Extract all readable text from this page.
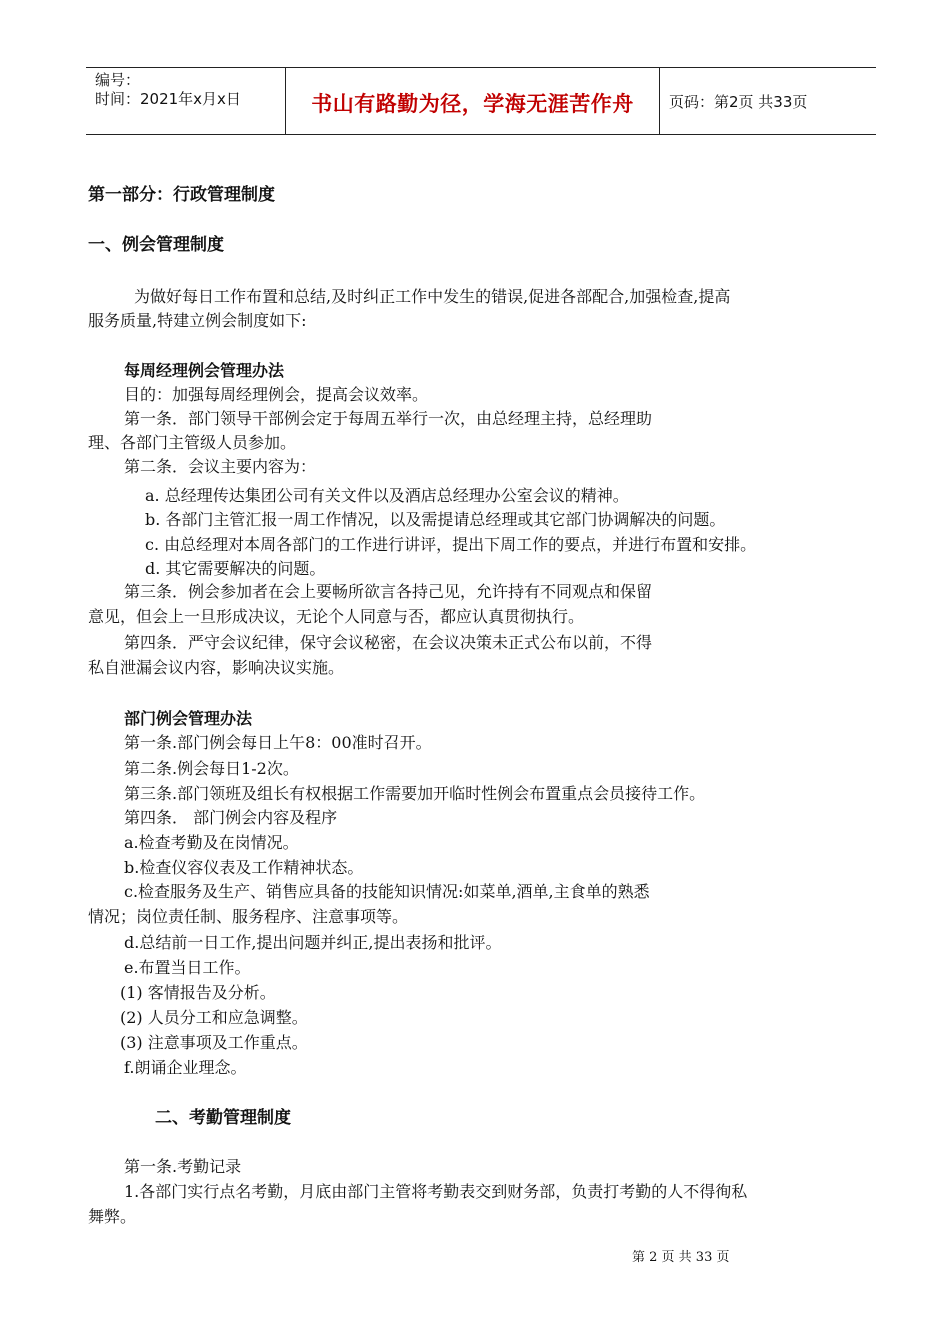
编号：
时间：2021年x月x日	书山有路勤为径，学海无涯苦作舟	页码：第2页 共33页
第一部分：行政管理制度
一、例会管理制度
为做好每日工作布置和总结,及时纠正工作中发生的错误,促进各部配合,加强检查,提高
服务质量,特建立例会制度如下:
每周经理例会管理办法
目的：加强每周经理例会，提高会议效率。
第一条．部门领导干部例会定于每周五举行一次，由总经理主持，总经理助
理、各部门主管级人员参加。
第二条．会议主要内容为：
a. 总经理传达集团公司有关文件以及酒店总经理办公室会议的精神。
b. 各部门主管汇报一周工作情况，以及需提请总经理或其它部门协调解决的问题。
c. 由总经理对本周各部门的工作进行讲评，提出下周工作的要点，并进行布置和安排。
d. 其它需要解决的问题。
第三条．例会参加者在会上要畅所欲言各持己见，允许持有不同观点和保留
意见，但会上一旦形成决议，无论个人同意与否，都应认真贯彻执行。
第四条．严守会议纪律，保守会议秘密，在会议决策未正式公布以前，不得
私自泄漏会议内容，影响决议实施。
部门例会管理办法
第一条.部门例会每日上午8：00准时召开。
第二条.例会每日1-2次。
第三条.部门领班及组长有权根据工作需要加开临时性例会布置重点会员接待工作。
第四条． 部门例会内容及程序
a.检查考勤及在岗情况。
b.检查仪容仪表及工作精神状态。
c.检查服务及生产、销售应具备的技能知识情况:如菜单,酒单,主食单的熟悉
情况；岗位责任制、服务程序、注意事项等。
d.总结前一日工作,提出问题并纠正,提出表扬和批评。
e.布置当日工作。
(1) 客情报告及分析。
(2) 人员分工和应急调整。
(3) 注意事项及工作重点。
f.朗诵企业理念。
二、考勤管理制度
第一条.考勤记录
1.各部门实行点名考勤，月底由部门主管将考勤表交到财务部，负责打考勤的人不得徇私
舞弊。
第 2 页 共 33 页
